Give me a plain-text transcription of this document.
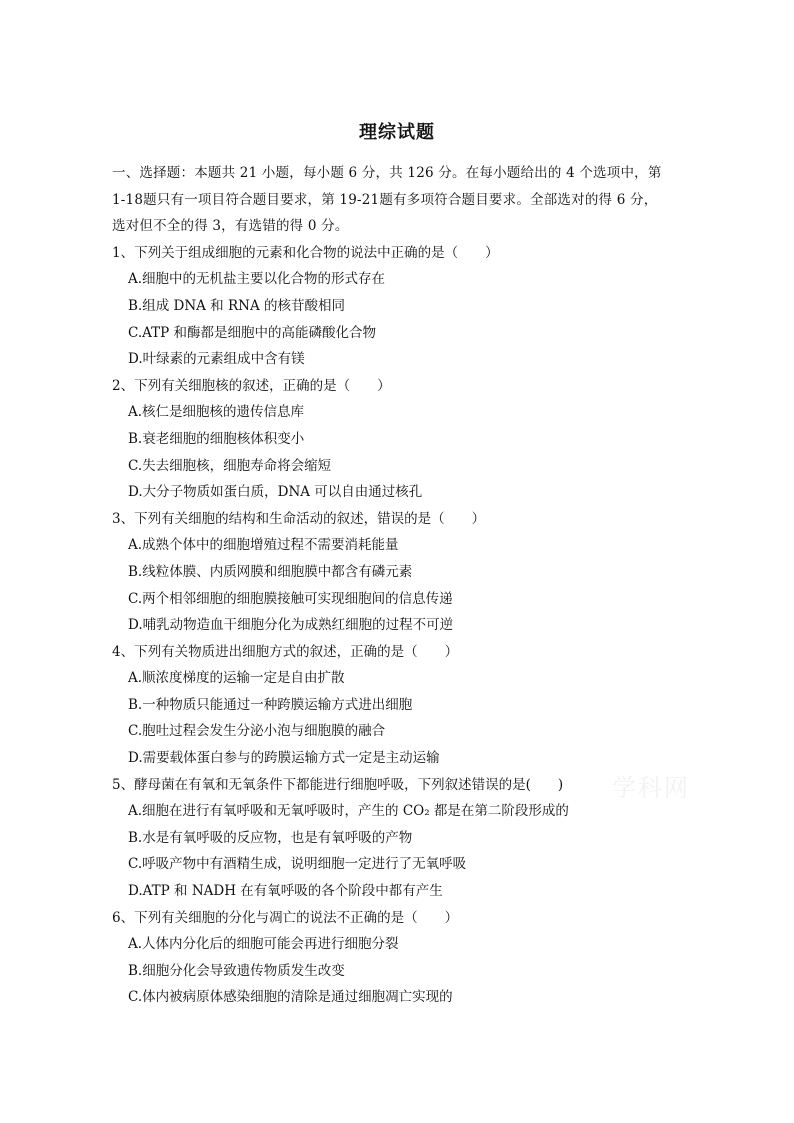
理综试题
学科网
一、选择题：本题共 21 小题，每小题 6 分，共 126 分。在每小题给出的 4 个选项中，第
1-18题只有一项目符合题目要求，第 19-21题有多项符合题目要求。全部选对的得 6 分，
选对但不全的得 3，有选错的得 0 分。
1、下列关于组成细胞的元素和化合物的说法中正确的是（　　）
A.细胞中的无机盐主要以化合物的形式存在
B.组成 DNA 和 RNA 的核苷酸相同
C.ATP 和酶都是细胞中的高能磷酸化合物
D.叶绿素的元素组成中含有镁
2、下列有关细胞核的叙述，正确的是（　　）
A.核仁是细胞核的遗传信息库
B.衰老细胞的细胞核体积变小
C.失去细胞核，细胞寿命将会缩短
D.大分子物质如蛋白质，DNA 可以自由通过核孔
3、下列有关细胞的结构和生命活动的叙述，错误的是（　　）
A.成熟个体中的细胞增殖过程不需要消耗能量
B.线粒体膜、内质网膜和细胞膜中都含有磷元素
C.两个相邻细胞的细胞膜接触可实现细胞间的信息传递
D.哺乳动物造血干细胞分化为成熟红细胞的过程不可逆
4、下列有关物质进出细胞方式的叙述，正确的是（　　）
A.顺浓度梯度的运输一定是自由扩散
B.一种物质只能通过一种跨膜运输方式进出细胞
C.胞吐过程会发生分泌小泡与细胞膜的融合
D.需要载体蛋白参与的跨膜运输方式一定是主动运输
5、酵母菌在有氧和无氧条件下都能进行细胞呼吸，下列叙述错误的是(　　)
A.细胞在进行有氧呼吸和无氧呼吸时，产生的 CO₂ 都是在第二阶段形成的
B.水是有氧呼吸的反应物，也是有氧呼吸的产物
C.呼吸产物中有酒精生成，说明细胞一定进行了无氧呼吸
D.ATP 和 NADH 在有氧呼吸的各个阶段中都有产生
6、下列有关细胞的分化与凋亡的说法不正确的是（　　）
A.人体内分化后的细胞可能会再进行细胞分裂
B.细胞分化会导致遗传物质发生改变
C.体内被病原体感染细胞的清除是通过细胞凋亡实现的
